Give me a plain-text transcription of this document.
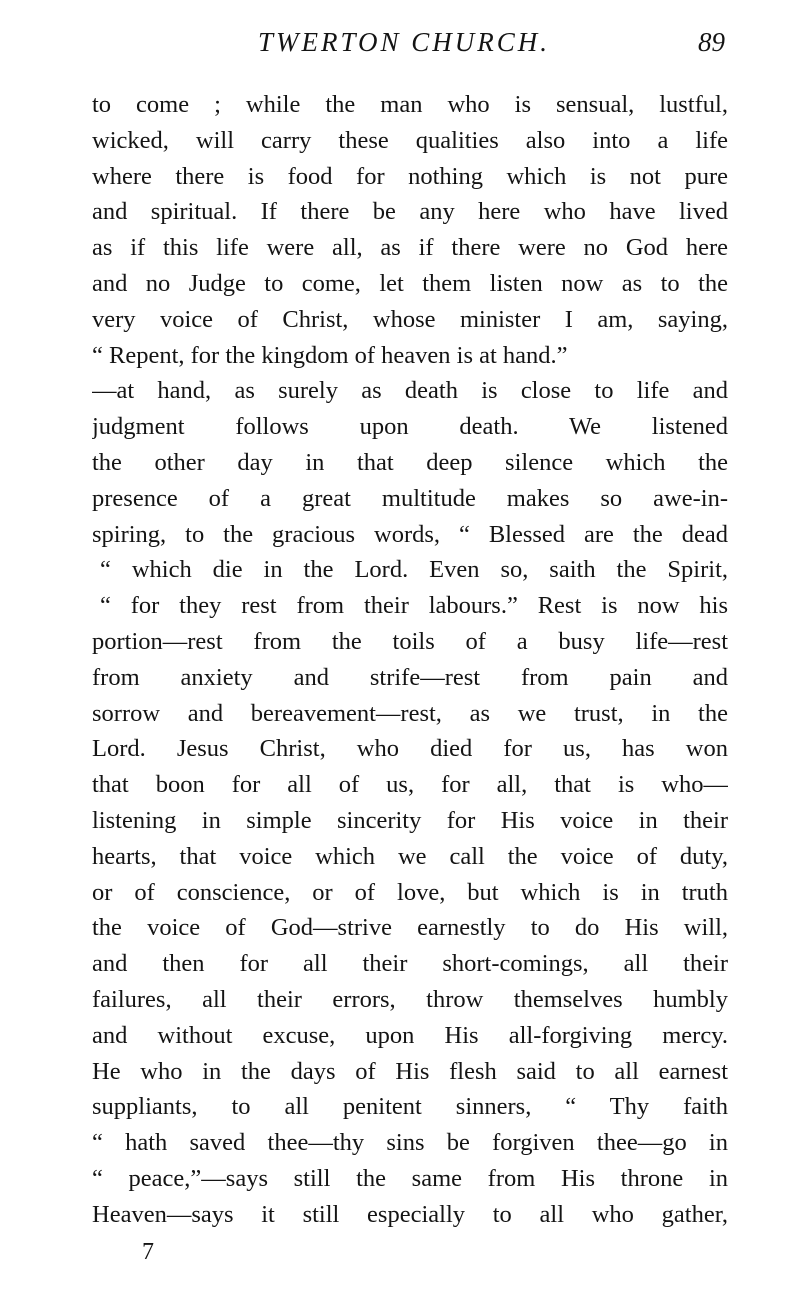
TWERTON CHURCH.	89
to come ; while the man who is sensual, lustful,
wicked, will carry these qualities also into a life
where there is food for nothing which is not pure
and spiritual. If there be any here who have lived
as if this life were all, as if there were no God here
and no Judge to come, let them listen now as to the
very voice of Christ, whose minister I am, saying,
“ Repent, for the kingdom of heaven is at hand.”
—at hand, as surely as death is close to life and
judgment follows upon death. We listened
the other day in that deep silence which the
presence of a great multitude makes so awe-in-
spiring, to the gracious words, “ Blessed are the dead
“ which die in the Lord. Even so, saith the Spirit,
“ for they rest from their labours.” Rest is now his
portion—rest from the toils of a busy life—rest
from anxiety and strife—rest from pain and
sorrow and bereavement—rest, as we trust, in the
Lord. Jesus Christ, who died for us, has won
that boon for all of us, for all, that is who—
listening in simple sincerity for His voice in their
hearts, that voice which we call the voice of duty,
or of conscience, or of love, but which is in truth
the voice of God—strive earnestly to do His will,
and then for all their short-comings, all their
failures, all their errors, throw themselves humbly
and without excuse, upon His all-forgiving mercy.
He who in the days of His flesh said to all earnest
suppliants, to all penitent sinners, “ Thy faith
“ hath saved thee—thy sins be forgiven thee—go in
“ peace,”—says still the same from His throne in
Heaven—says it still especially to all who gather,
7
